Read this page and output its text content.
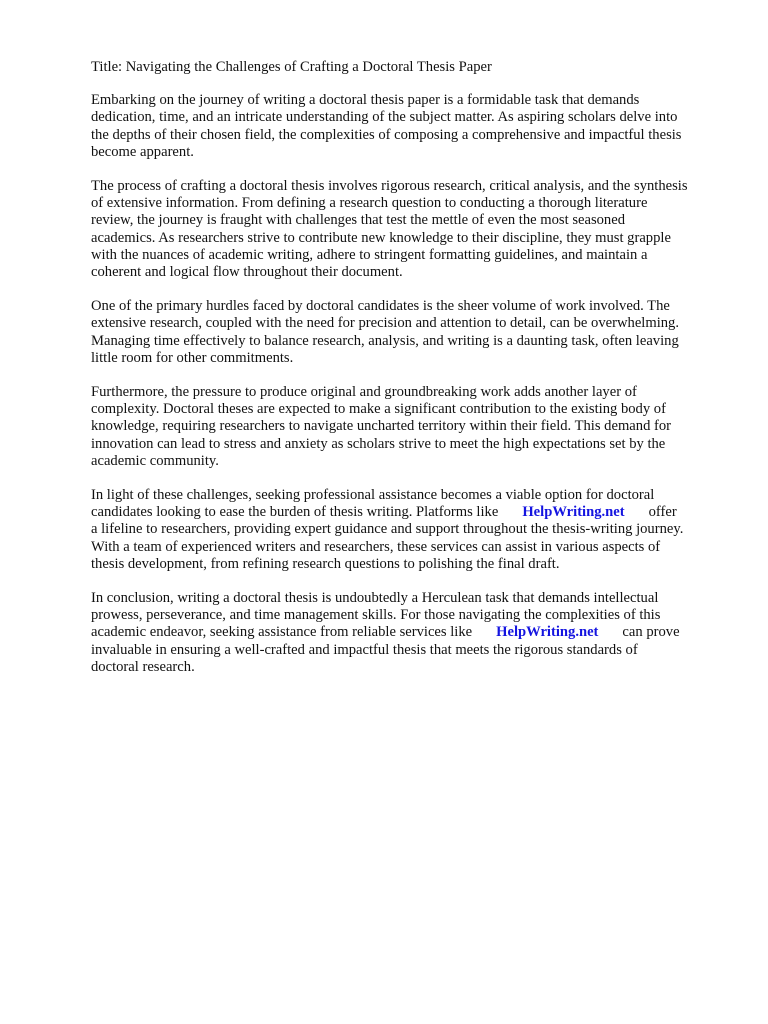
Title: Navigating the Challenges of Crafting a Doctoral Thesis Paper

Embarking on the journey of writing a doctoral thesis paper is a formidable task that demands
dedication, time, and an intricate understanding of the subject matter. As aspiring scholars delve into
the depths of their chosen field, the complexities of composing a comprehensive and impactful thesis
become apparent.

The process of crafting a doctoral thesis involves rigorous research, critical analysis, and the synthesis
of extensive information. From defining a research question to conducting a thorough literature
review, the journey is fraught with challenges that test the mettle of even the most seasoned
academics. As researchers strive to contribute new knowledge to their discipline, they must grapple
with the nuances of academic writing, adhere to stringent formatting guidelines, and maintain a
coherent and logical flow throughout their document.

One of the primary hurdles faced by doctoral candidates is the sheer volume of work involved. The
extensive research, coupled with the need for precision and attention to detail, can be overwhelming.
Managing time effectively to balance research, analysis, and writing is a daunting task, often leaving
little room for other commitments.

Furthermore, the pressure to produce original and groundbreaking work adds another layer of
complexity. Doctoral theses are expected to make a significant contribution to the existing body of
knowledge, requiring researchers to navigate uncharted territory within their field. This demand for
innovation can lead to stress and anxiety as scholars strive to meet the high expectations set by the
academic community.

In light of these challenges, seeking professional assistance becomes a viable option for doctoral
candidates looking to ease the burden of thesis writing. Platforms like HelpWriting.net offer
a lifeline to researchers, providing expert guidance and support throughout the thesis-writing journey.
With a team of experienced writers and researchers, these services can assist in various aspects of
thesis development, from refining research questions to polishing the final draft.

In conclusion, writing a doctoral thesis is undoubtedly a Herculean task that demands intellectual
prowess, perseverance, and time management skills. For those navigating the complexities of this
academic endeavor, seeking assistance from reliable services like HelpWriting.net can prove
invaluable in ensuring a well-crafted and impactful thesis that meets the rigorous standards of
doctoral research.
